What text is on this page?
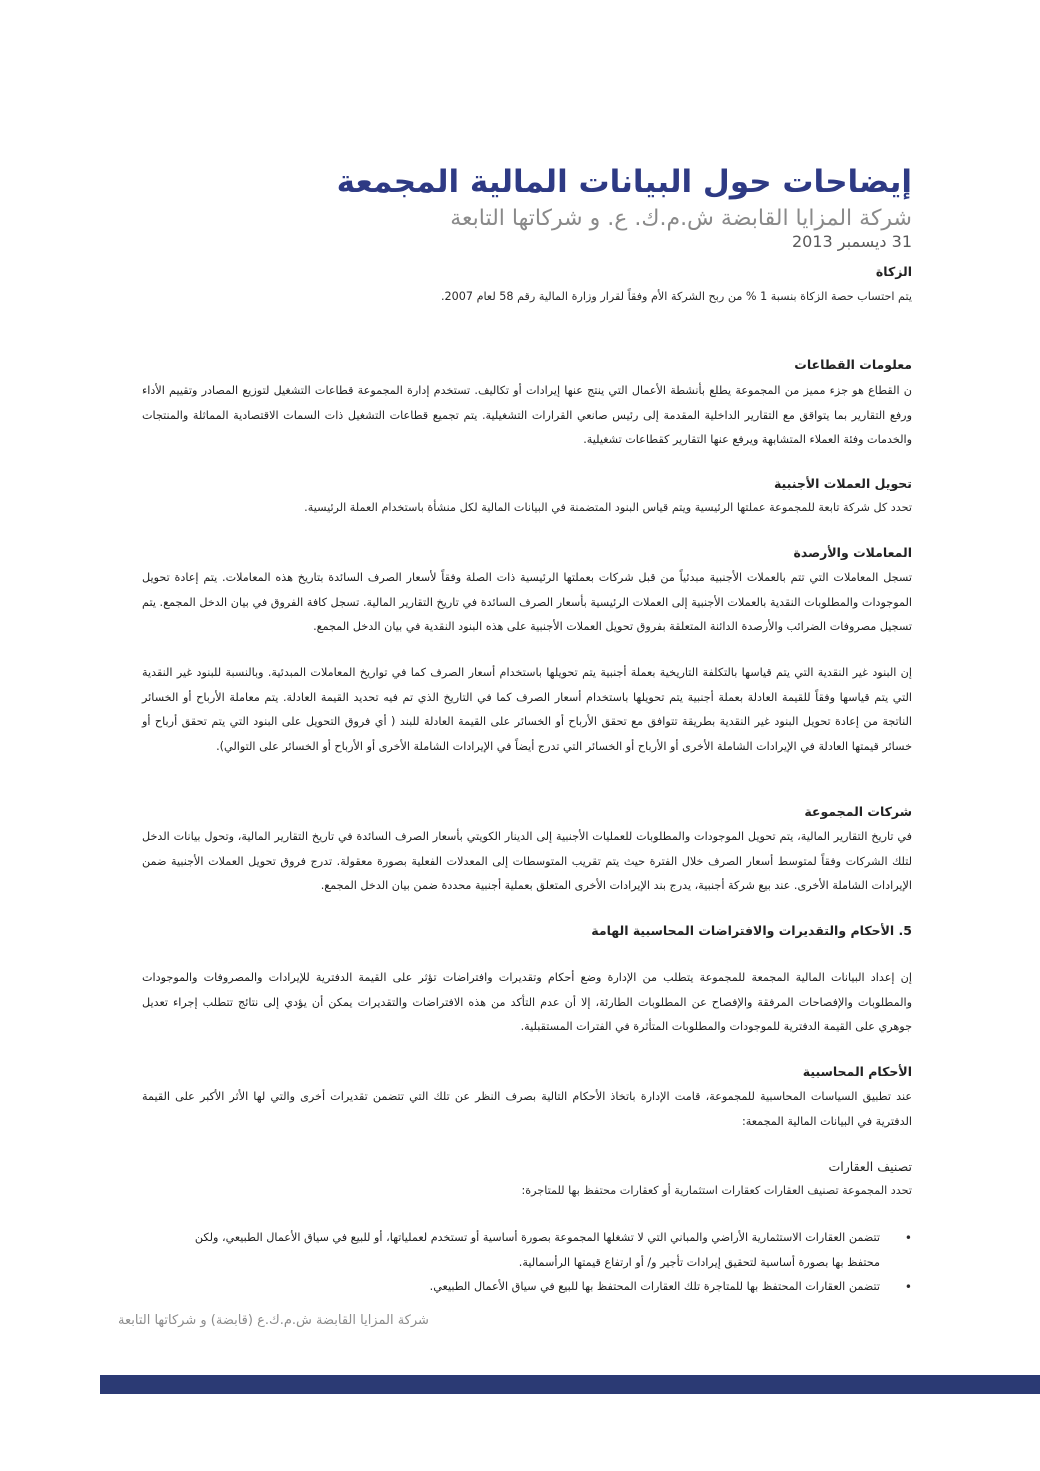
إيضاحات حول البيانات المالية المجمعة
شركة المزايا القابضة ش.م.ك. ع. و شركاتها التابعة
31 ديسمبر 2013
الزكاة
يتم احتساب حصة الزكاة بنسبة 1 % من ربح الشركة الأم وفقاً لقرار وزارة المالية رقم 58 لعام 2007.
معلومات القطاعات
ن القطاع هو جزء مميز من المجموعة يطلع بأنشطة الأعمال التي ينتج عنها إيرادات أو تكاليف. تستخدم إدارة المجموعة قطاعات التشغيل لتوزيع المصادر وتقييم الأداء ورفع التقارير بما يتواقق مع التقارير الداخلية المقدمة إلى رئيس صانعي القرارات التشغيلية. يتم تجميع قطاعات التشغيل ذات السمات الاقتصادية المماثلة والمنتجات والخدمات وفئة العملاء المتشابهة ويرفع عنها التقارير كقطاعات تشغيلية.
تحويل العملات الأجنبية
تحدد كل شركة تابعة للمجموعة عملتها الرئيسية ويتم قياس البنود المتضمنة في البيانات المالية لكل منشأة باستخدام العملة الرئيسية.
المعاملات والأرصدة
تسجل المعاملات التي تتم بالعملات الأجنبية مبدئياً من قبل شركات بعملتها الرئيسية ذات الصلة وفقاً لأسعار الصرف السائدة بتاريخ هذه المعاملات. يتم إعادة تحويل الموجودات والمطلوبات النقدية بالعملات الأجنبية إلى العملات الرئيسية بأسعار الصرف السائدة في تاريخ التقارير المالية. تسجل كافة الفروق في بيان الدخل المجمع. يتم تسجيل مصروفات الضرائب والأرصدة الدائنة المتعلقة بفروق تحويل العملات الأجنبية على هذه البنود النقدية في بيان الدخل المجمع.
إن البنود غير النقدية التي يتم قياسها بالتكلفة التاريخية بعملة أجنبية يتم تحويلها باستخدام أسعار الصرف كما في تواريخ المعاملات المبدئية. وبالنسبة للبنود غير النقدية التي يتم قياسها وفقاً للقيمة العادلة بعملة أجنبية يتم تحويلها باستخدام أسعار الصرف كما في التاريخ الذي تم فيه تحديد القيمة العادلة. يتم معاملة الأرباح أو الخسائر الناتجة من إعادة تحويل البنود غير النقدية بطريقة تتوافق مع تحقق الأرباح أو الخسائر على القيمة العادلة للبند ( أي فروق التحويل على البنود التي يتم تحقق أرباح أو خسائر قيمتها العادلة في الإيرادات الشاملة الأخرى أو الأرباح أو الخسائر التي تدرج أيضاً في الإيرادات الشاملة الأخرى أو الأرباح أو الخسائر على التوالي).
شركات المجموعة
في تاريخ التقارير المالية، يتم تحويل الموجودات والمطلوبات للعمليات الأجنبية إلى الدينار الكويتي بأسعار الصرف السائدة في تاريخ التقارير المالية، وتحول بيانات الدخل لتلك الشركات وفقاً لمتوسط أسعار الصرف خلال الفترة حيث يتم تقريب المتوسطات إلى المعدلات الفعلية بصورة معقولة. تدرج فروق تحويل العملات الأجنبية ضمن الإيرادات الشاملة الأخرى. عند بيع شركة أجنبية، يدرج بند الإيرادات الأخرى المتعلق بعملية أجنبية محددة ضمن بيان الدخل المجمع.
5. الأحكام والتقديرات والافتراضات المحاسبية الهامة
إن إعداد البيانات المالية المجمعة للمجموعة يتطلب من الإدارة وضع أحكام وتقديرات وافتراضات تؤثر على القيمة الدفترية للإيرادات والمصروفات والموجودات والمطلوبات والإفصاحات المرفقة والإفصاح عن المطلوبات الطارئة، إلا أن عدم التأكد من هذه الافتراضات والتقديرات يمكن أن يؤدي إلى نتائج تتطلب إجراء تعديل جوهري على القيمة الدفترية للموجودات والمطلوبات المتأثرة في الفترات المستقبلية.
الأحكام المحاسبية
عند تطبيق السياسات المحاسبية للمجموعة، قامت الإدارة باتخاذ الأحكام التالية بصرف النظر عن تلك التي تتضمن تقديرات أخرى والتي لها الأثر الأكبر على القيمة الدفترية في البيانات المالية المجمعة:
تصنيف العقارات
تحدد المجموعة تصنيف العقارات كعقارات استثمارية أو كعقارات محتفظ بها للمتاجرة:
•
تتضمن العقارات الاستثمارية الأراضي والمباني التي لا تشغلها المجموعة بصورة أساسية أو تستخدم لعملياتها، أو للبيع في سياق الأعمال الطبيعي، ولكن محتفظ بها بصورة أساسية لتحقيق إيرادات تأجير و/ أو ارتفاع قيمتها الرأسمالية.
•
تتضمن العقارات المحتفظ بها للمتاجرة تلك العقارات المحتفظ بها للبيع في سياق الأعمال الطبيعي.
شركة المزايا القابضة ش.م.ك.ع (قابضة) و شركاتها التابعة
